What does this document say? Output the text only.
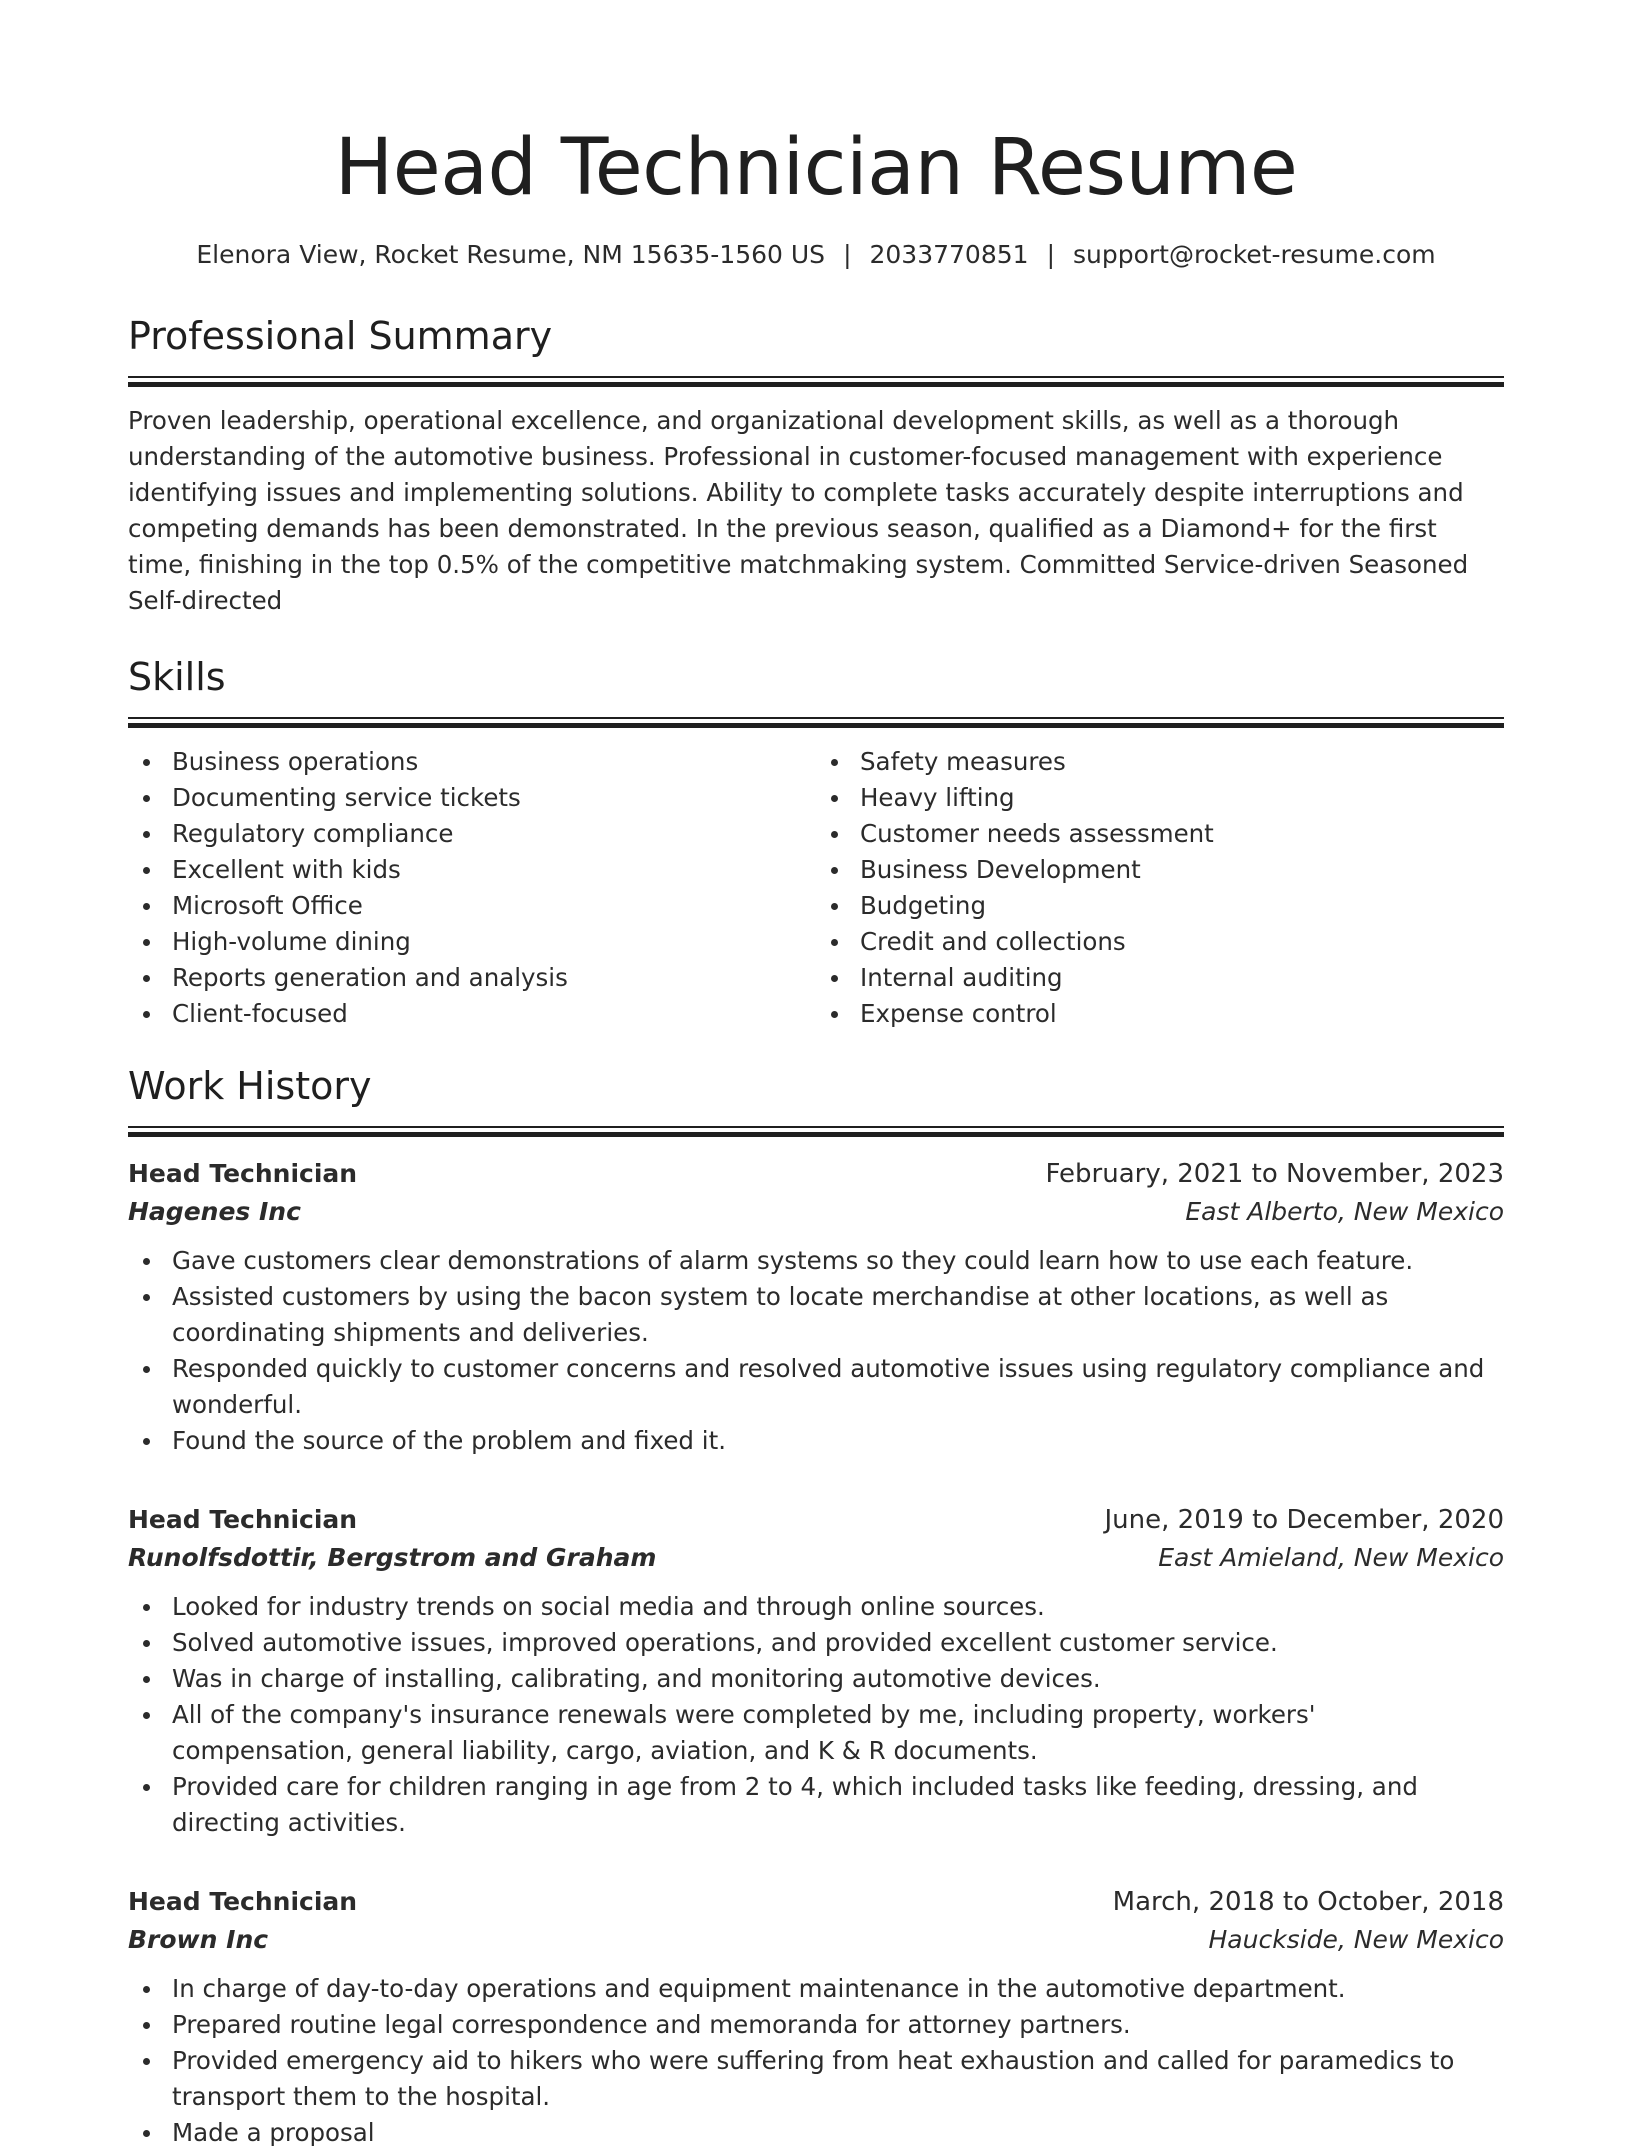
Head Technician Resume
Elenora View, Rocket Resume, NM 15635-1560 US | 2033770851 | support@rocket-resume.com
Professional Summary

Proven leadership, operational excellence, and organizational development skills, as well as a thorough understanding of the automotive business. Professional in customer-focused management with experience identifying issues and implementing solutions. Ability to complete tasks accurately despite interruptions and competing demands has been demonstrated. In the previous season, qualified as a Diamond+ for the first time, finishing in the top 0.5% of the competitive matchmaking system. Committed Service-driven Seasoned Self-directed

Skills
Business operations
Documenting service tickets
Regulatory compliance
Excellent with kids
Microsoft Office
High-volume dining
Reports generation and analysis
Client-focused
Safety measures
Heavy lifting
Customer needs assessment
Business Development
Budgeting
Credit and collections
Internal auditing
Expense control
Work History
Head Technician	February, 2021 to November, 2023
Hagenes Inc	East Alberto, New Mexico
Gave customers clear demonstrations of alarm systems so they could learn how to use each feature.
Assisted customers by using the bacon system to locate merchandise at other locations, as well as coordinating shipments and deliveries.
Responded quickly to customer concerns and resolved automotive issues using regulatory compliance and wonderful.
Found the source of the problem and fixed it.
Head Technician	June, 2019 to December, 2020
Runolfsdottir, Bergstrom and Graham	East Amieland, New Mexico
Looked for industry trends on social media and through online sources.
Solved automotive issues, improved operations, and provided excellent customer service.
Was in charge of installing, calibrating, and monitoring automotive devices.
All of the company's insurance renewals were completed by me, including property, workers' compensation, general liability, cargo, aviation, and K & R documents.
Provided care for children ranging in age from 2 to 4, which included tasks like feeding, dressing, and directing activities.
Head Technician	March, 2018 to October, 2018
Brown Inc	Hauckside, New Mexico
In charge of day-to-day operations and equipment maintenance in the automotive department.
Prepared routine legal correspondence and memoranda for attorney partners.
Provided emergency aid to hikers who were suffering from heat exhaustion and called for paramedics to transport them to the hospital.
Made a proposal
